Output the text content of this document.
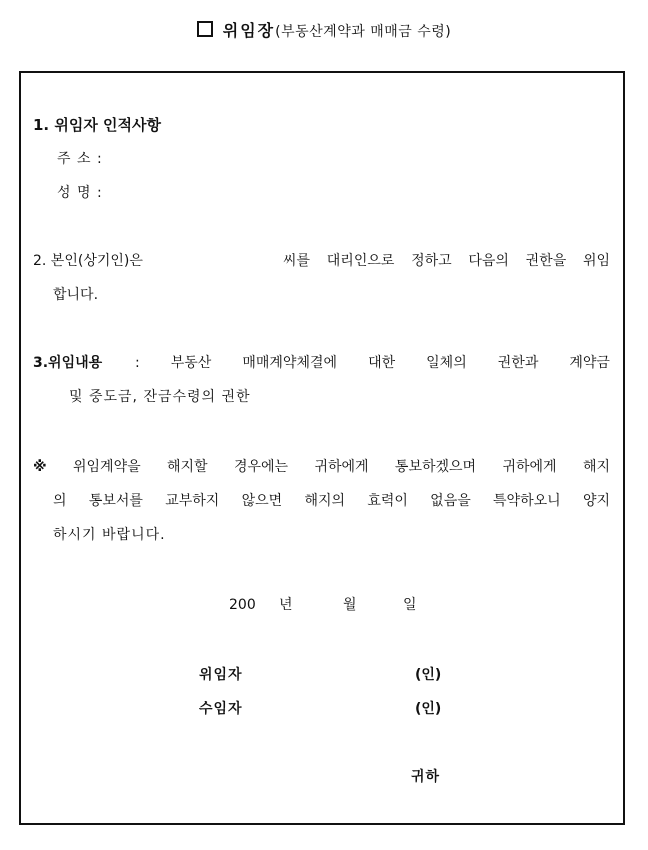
위임장(부동산계약과 매매금 수령)
1. 위임자 인적사항
주 소 :
성 명 :
2. 본인(상기인)은	씨를 대리인으로 정하고 다음의 권한을 위임
합니다.
3.위임내용 : 부동산 매매계약체결에 대한 일체의 권한과 계약금
및 중도금, 잔금수령의 권한
※ 위임계약을 해지할 경우에는 귀하에게 통보하겠으며 귀하에게 해지
의 통보서를 교부하지 않으면 해지의 효력이 없음을 특약하오니 양지
하시기 바랍니다.
200 년	월	일
위임자	(인)
수임자	(인)
귀하
